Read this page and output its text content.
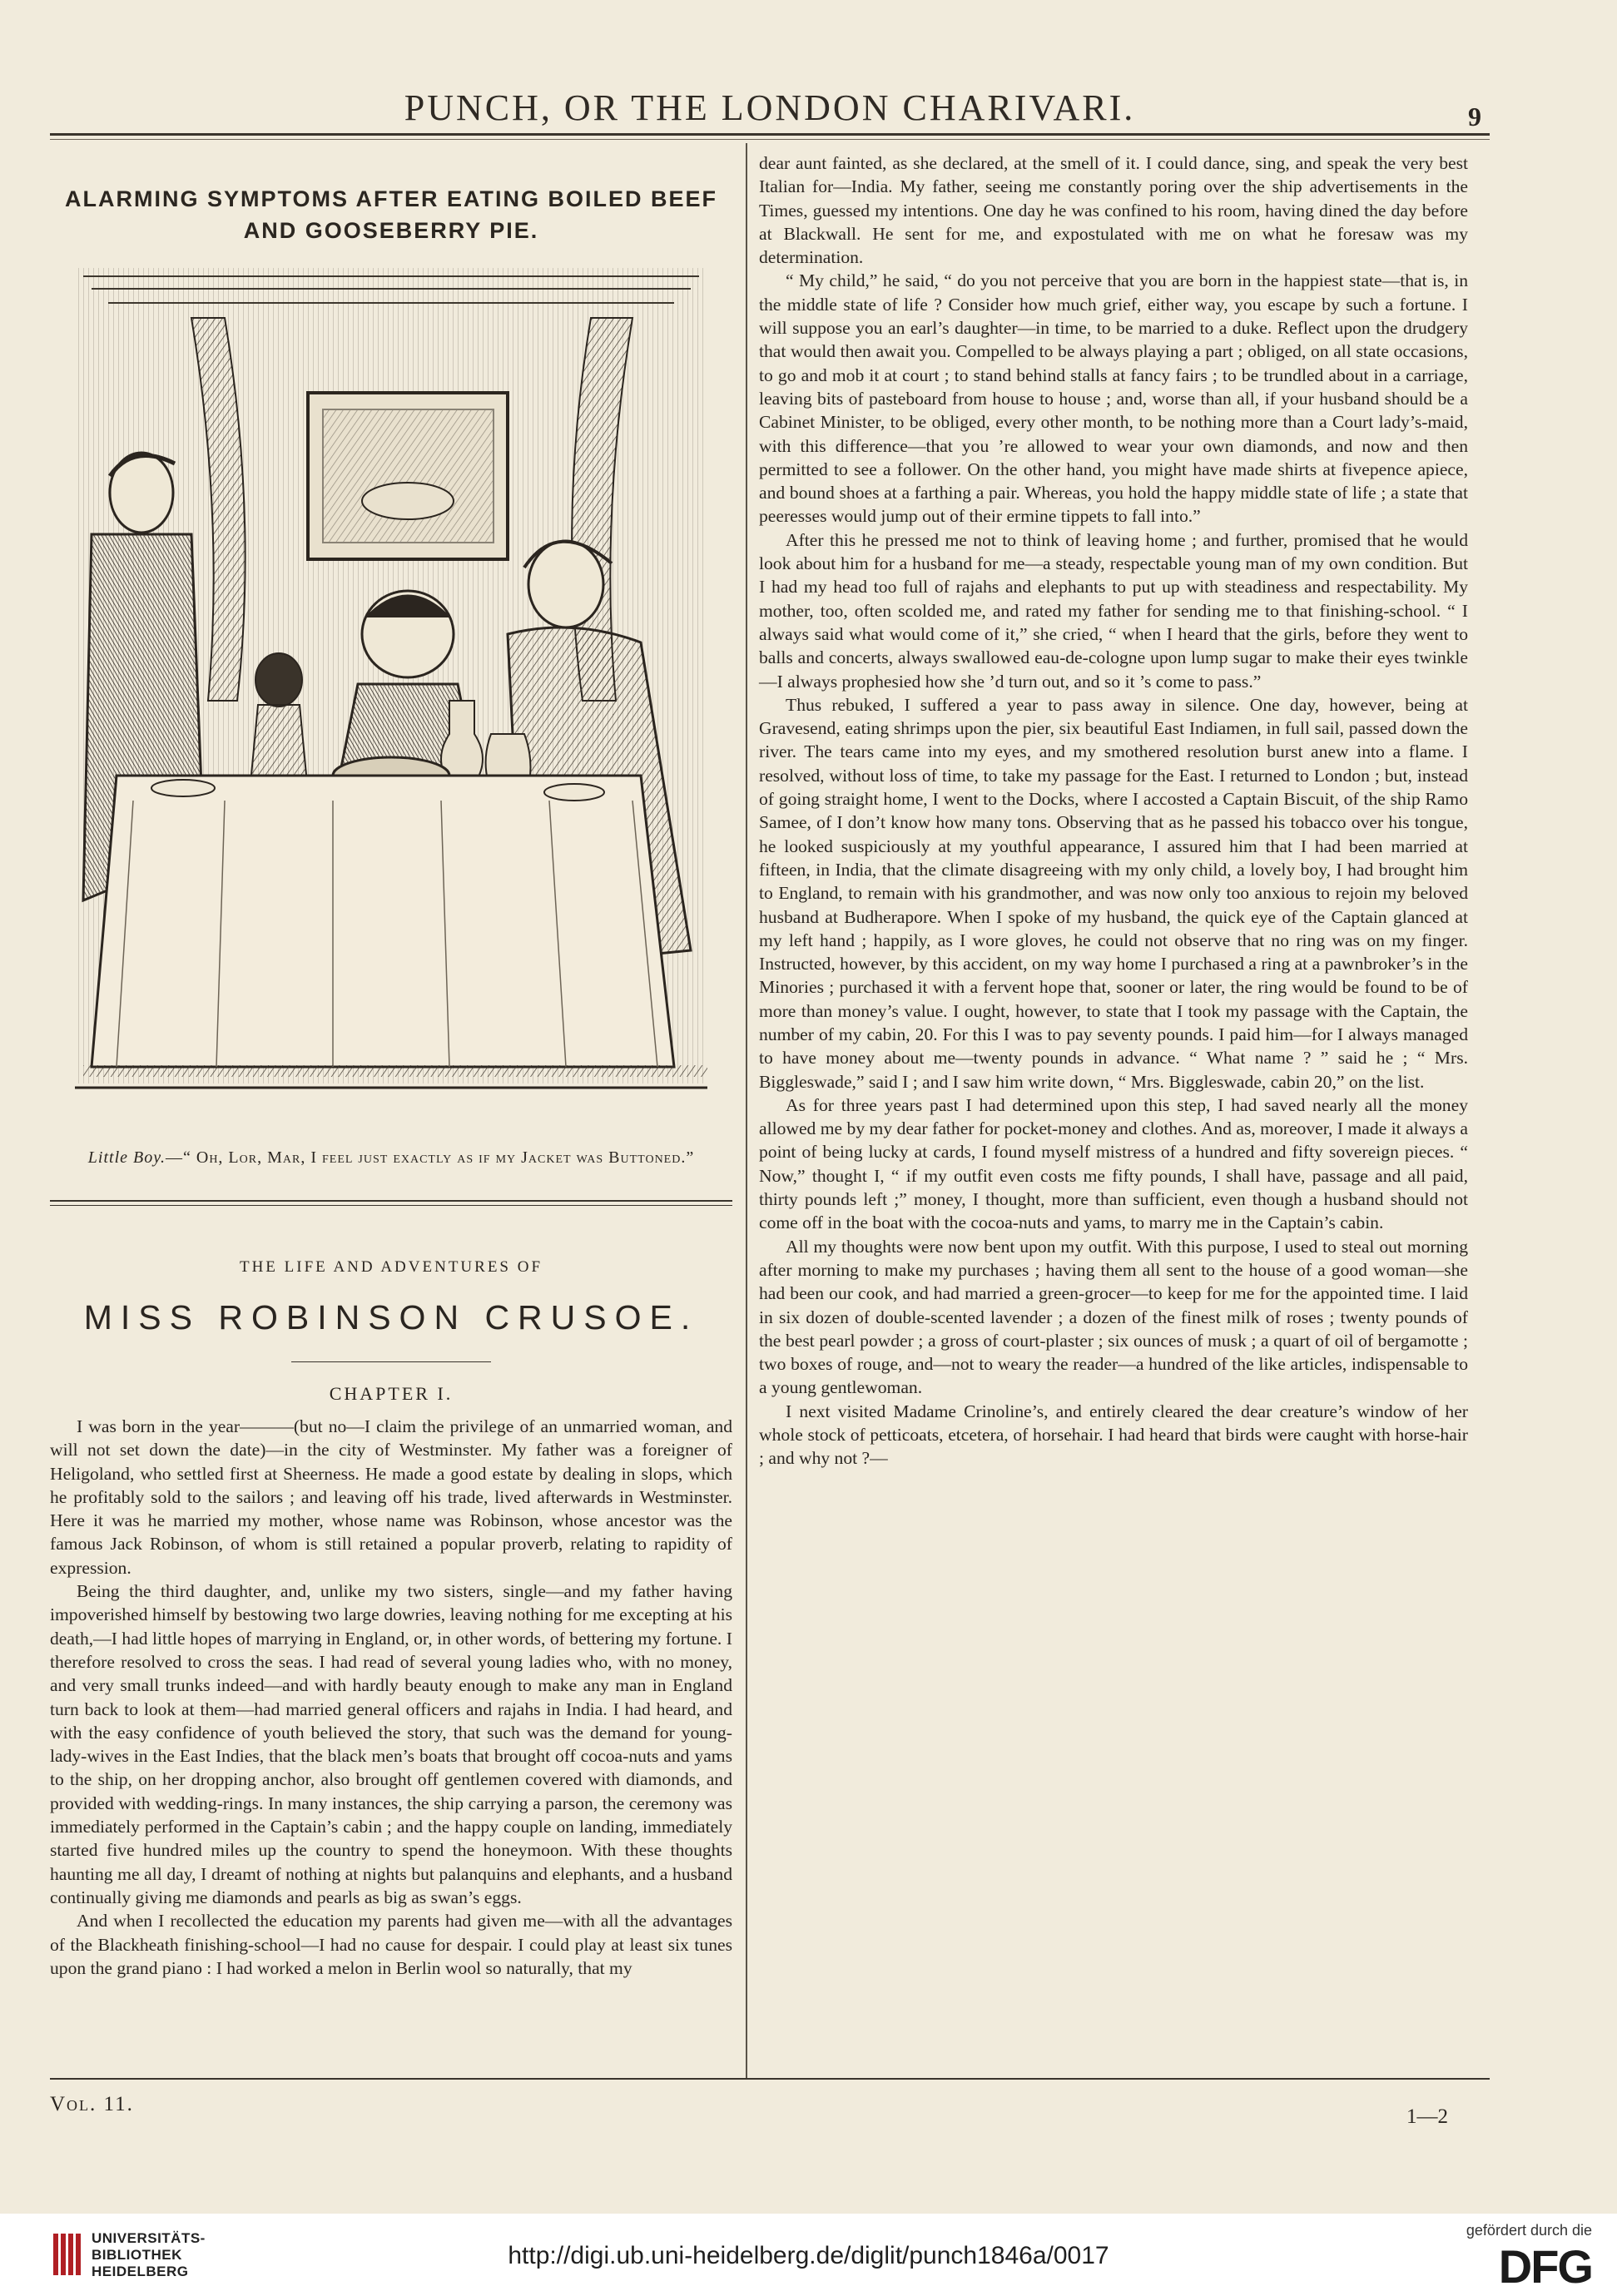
PUNCH, OR THE LONDON CHARIVARI.	9
ALARMING SYMPTOMS AFTER EATING BOILED BEEF
AND GOOSEBERRY PIE.
Little Boy.—“ Oh, Lor, Mar, I feel just exactly as if my Jacket was Buttoned.”
THE LIFE AND ADVENTURES OF
MISS ROBINSON CRUSOE.
CHAPTER I.

I was born in the year———(but no—I claim the privilege of an unmarried woman, and will not set down the date)—in the city of Westminster. My father was a foreigner of Heligoland, who settled first at Sheerness. He made a good estate by dealing in slops, which he profitably sold to the sailors ; and leaving off his trade, lived afterwards in Westminster. Here it was he married my mother, whose name was Robinson, whose ancestor was the famous Jack Robinson, of whom is still retained a popular proverb, relating to rapidity of expression.

Being the third daughter, and, unlike my two sisters, single—and my father having impoverished himself by bestowing two large dowries, leaving nothing for me excepting at his death,—I had little hopes of marrying in England, or, in other words, of bettering my fortune. I therefore resolved to cross the seas. I had read of several young ladies who, with no money, and very small trunks indeed—and with hardly beauty enough to make any man in England turn back to look at them—had married general officers and rajahs in India. I had heard, and with the easy confidence of youth believed the story, that such was the demand for young-lady-wives in the East Indies, that the black men’s boats that brought off cocoa-nuts and yams to the ship, on her dropping anchor, also brought off gentlemen covered with diamonds, and provided with wedding-rings. In many instances, the ship carrying a parson, the ceremony was immediately performed in the Captain’s cabin ; and the happy couple on landing, immediately started five hundred miles up the country to spend the honeymoon. With these thoughts haunting me all day, I dreamt of nothing at nights but palanquins and elephants, and a husband continually giving me diamonds and pearls as big as swan’s eggs.

And when I recollected the education my parents had given me—with all the advantages of the Blackheath finishing-school—I had no cause for despair. I could play at least six tunes upon the grand piano : I had worked a melon in Berlin wool so naturally, that my

dear aunt fainted, as she declared, at the smell of it. I could dance, sing, and speak the very best Italian for—India. My father, seeing me constantly poring over the ship advertisements in the Times, guessed my intentions. One day he was confined to his room, having dined the day before at Blackwall. He sent for me, and expostulated with me on what he foresaw was my determination.

“ My child,” he said, “ do you not perceive that you are born in the happiest state—that is, in the middle state of life ? Consider how much grief, either way, you escape by such a fortune. I will suppose you an earl’s daughter—in time, to be married to a duke. Reflect upon the drudgery that would then await you. Compelled to be always playing a part ; obliged, on all state occasions, to go and mob it at court ; to stand behind stalls at fancy fairs ; to be trundled about in a carriage, leaving bits of pasteboard from house to house ; and, worse than all, if your husband should be a Cabinet Minister, to be obliged, every other month, to be nothing more than a Court lady’s-maid, with this difference—that you ’re allowed to wear your own diamonds, and now and then permitted to see a follower. On the other hand, you might have made shirts at fivepence apiece, and bound shoes at a farthing a pair. Whereas, you hold the happy middle state of life ; a state that peeresses would jump out of their ermine tippets to fall into.”

After this he pressed me not to think of leaving home ; and further, promised that he would look about him for a husband for me—a steady, respectable young man of my own condition. But I had my head too full of rajahs and elephants to put up with steadiness and respectability. My mother, too, often scolded me, and rated my father for sending me to that finishing-school. “ I always said what would come of it,” she cried, “ when I heard that the girls, before they went to balls and concerts, always swallowed eau-de-cologne upon lump sugar to make their eyes twinkle—I always prophesied how she ’d turn out, and so it ’s come to pass.”

Thus rebuked, I suffered a year to pass away in silence. One day, however, being at Gravesend, eating shrimps upon the pier, six beautiful East Indiamen, in full sail, passed down the river. The tears came into my eyes, and my smothered resolution burst anew into a flame. I resolved, without loss of time, to take my passage for the East. I returned to London ; but, instead of going straight home, I went to the Docks, where I accosted a Captain Biscuit, of the ship Ramo Samee, of I don’t know how many tons. Observing that as he passed his tobacco over his tongue, he looked suspiciously at my youthful appearance, I assured him that I had been married at fifteen, in India, that the climate disagreeing with my only child, a lovely boy, I had brought him to England, to remain with his grandmother, and was now only too anxious to rejoin my beloved husband at Budherapore. When I spoke of my husband, the quick eye of the Captain glanced at my left hand ; happily, as I wore gloves, he could not observe that no ring was on my finger. Instructed, however, by this accident, on my way home I purchased a ring at a pawnbroker’s in the Minories ; purchased it with a fervent hope that, sooner or later, the ring would be found to be of more than money’s value. I ought, however, to state that I took my passage with the Captain, the number of my cabin, 20. For this I was to pay seventy pounds. I paid him—for I always managed to have money about me—twenty pounds in advance. “ What name ? ” said he ; “ Mrs. Biggleswade,” said I ; and I saw him write down, “ Mrs. Biggleswade, cabin 20,” on the list.

As for three years past I had determined upon this step, I had saved nearly all the money allowed me by my dear father for pocket-money and clothes. And as, moreover, I made it always a point of being lucky at cards, I found myself mistress of a hundred and fifty sovereign pieces. “ Now,” thought I, “ if my outfit even costs me fifty pounds, I shall have, passage and all paid, thirty pounds left ;” money, I thought, more than sufficient, even though a husband should not come off in the boat with the cocoa-nuts and yams, to marry me in the Captain’s cabin.

All my thoughts were now bent upon my outfit. With this purpose, I used to steal out morning after morning to make my purchases ; having them all sent to the house of a good woman—she had been our cook, and had married a green-grocer—to keep for me for the appointed time. I laid in six dozen of double-scented lavender ; a dozen of the finest milk of roses ; twenty pounds of the best pearl powder ; a gross of court-plaster ; six ounces of musk ; a quart of oil of bergamotte ; two boxes of rouge, and—not to weary the reader—a hundred of the like articles, indispensable to a young gentlewoman.

I next visited Madame Crinoline’s, and entirely cleared the dear creature’s window of her whole stock of petticoats, etcetera, of horsehair. I had heard that birds were caught with horse-hair ; and why not ?—

Vol. 11.
1—2
UNIVERSITÄTS-
BIBLIOTHEK
HEIDELBERG
http://digi.ub.uni-heidelberg.de/diglit/punch1846a/0017
gefördert durch die
DFG
